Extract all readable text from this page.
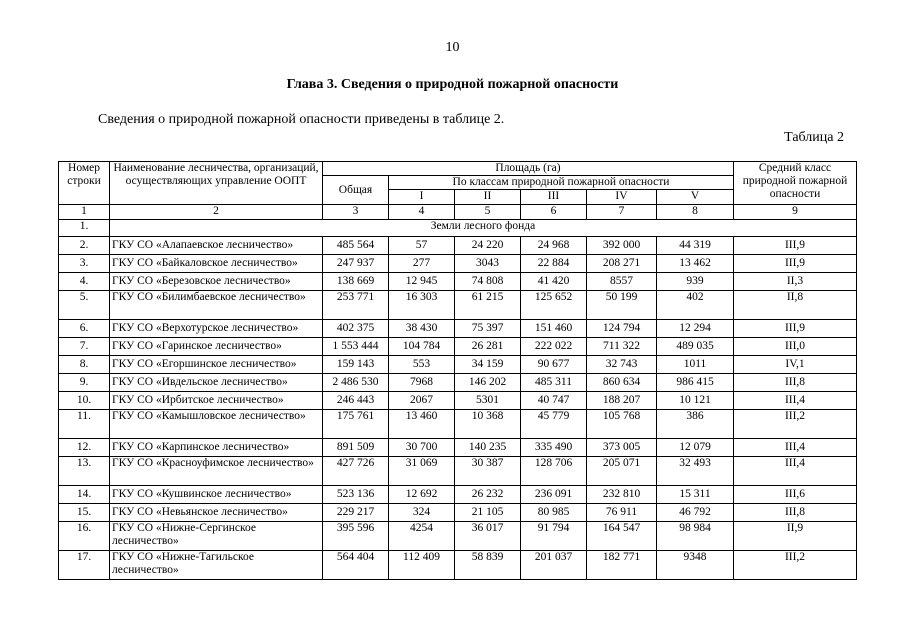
10
Глава 3. Сведения о природной пожарной опасности
Сведения о природной пожарной опасности приведены в таблице 2.
Таблица 2
Номер строки	Наименование лесничества, организаций, осуществляющих управление ООПТ	Площадь (га)						Средний класс природной пожарной опасности
		Общая	По классам природной пожарной опасности					
			I	II	III	IV	V	
1	2	3	4	5	6	7	8	9
1.	Земли лесного фонда							
2.	ГКУ СО «Алапаевское лесничество»	485 564	57	24 220	24 968	392 000	44 319	III,9
3.	ГКУ СО «Байкаловское лесничество»	247 937	277	3043	22 884	208 271	13 462	III,9
4.	ГКУ СО «Березовское лесничество»	138 669	12 945	74 808	41 420	8557	939	II,3
5.	ГКУ СО «Билимбаевское лесничество»	253 771	16 303	61 215	125 652	50 199	402	II,8
6.	ГКУ СО «Верхотурское лесничество»	402 375	38 430	75 397	151 460	124 794	12 294	III,9
7.	ГКУ СО «Гаринское лесничество»	1 553 444	104 784	26 281	222 022	711 322	489 035	III,0
8.	ГКУ СО «Егоршинское лесничество»	159 143	553	34 159	90 677	32 743	1011	IV,1
9.	ГКУ СО «Ивдельское лесничество»	2 486 530	7968	146 202	485 311	860 634	986 415	III,8
10.	ГКУ СО «Ирбитское лесничество»	246 443	2067	5301	40 747	188 207	10 121	III,4
11.	ГКУ СО «Камышловское лесничество»	175 761	13 460	10 368	45 779	105 768	386	III,2
12.	ГКУ СО «Карпинское лесничество»	891 509	30 700	140 235	335 490	373 005	12 079	III,4
13.	ГКУ СО «Красноуфимское лесничество»	427 726	31 069	30 387	128 706	205 071	32 493	III,4
14.	ГКУ СО «Кушвинское лесничество»	523 136	12 692	26 232	236 091	232 810	15 311	III,6
15.	ГКУ СО «Невьянское лесничество»	229 217	324	21 105	80 985	76 911	46 792	III,8
16.	ГКУ СО «Нижне-Сергинское лесничество»	395 596	4254	36 017	91 794	164 547	98 984	II,9
17.	ГКУ СО «Нижне-Тагильское лесничество»	564 404	112 409	58 839	201 037	182 771	9348	III,2
